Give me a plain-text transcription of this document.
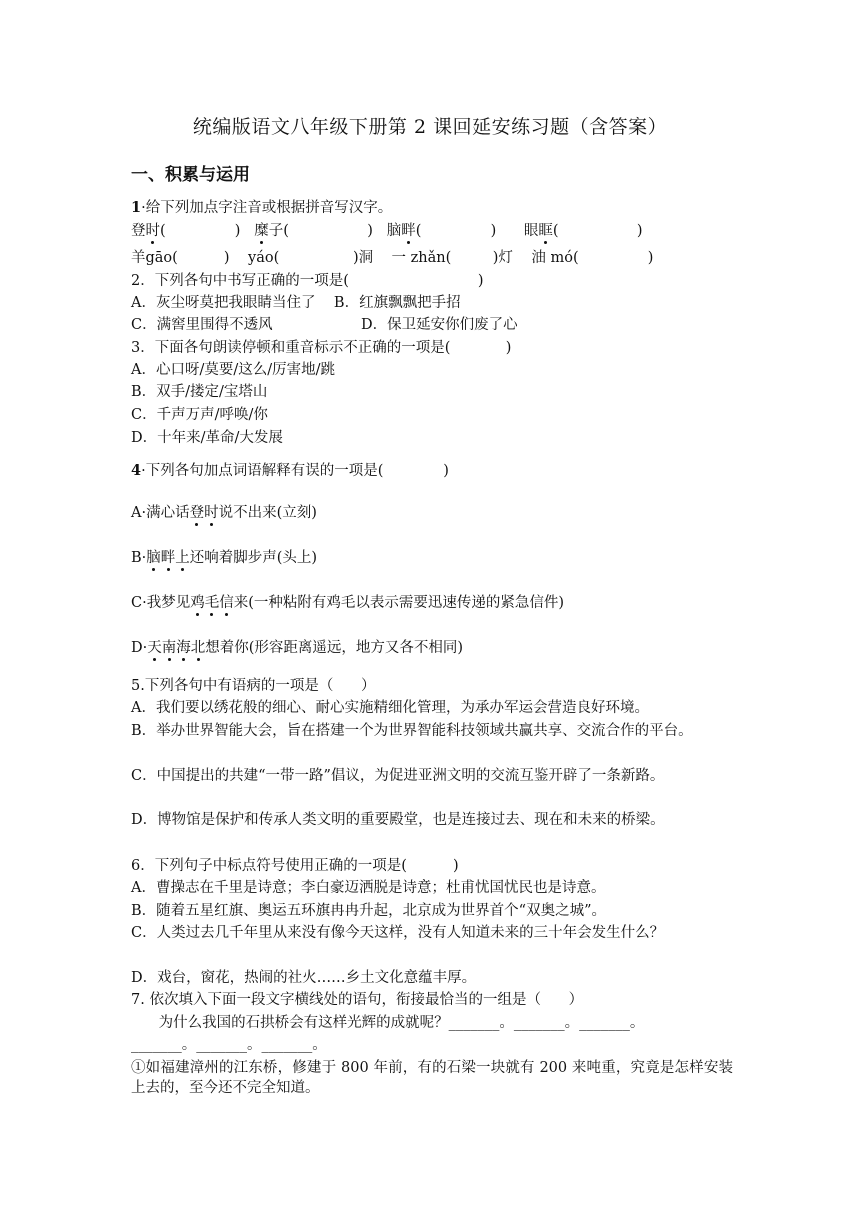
统编版语文八年级下册第 2 课回延安练习题（含答案）
一、积累与运用
1·给下列加点字注音或根据拼音写汉字。
登时(               ) 糜子(                 ) 脑畔(               ) 眼眶(                 )
羊gāo(          )    yáo(                )洞    一 zhǎn(         )灯    油 mó(               )
2．下列各句中书写正确的一项是(                            )
A．灰尘呀莫把我眼睛当住了 B．红旗飘飘把手招
C．满窖里围得不透风	D．保卫延安你们废了心
3．下面各句朗读停顿和重音标示不正确的一项是(            )
A．心口呀/莫要/这么/厉害地/跳
B．双手/搂定/宝塔山
C．千声万声/呼唤/你
D．十年来/革命/大发展
4·下列各句加点词语解释有误的一项是(             )
A·满心话登时说不出来(立刻)
B·脑畔上还响着脚步声(头上)
C·我梦见鸡毛信来(一种粘附有鸡毛以表示需要迅速传递的紧急信件)
D·天南海北想着你(形容距离遥远，地方又各不相同)
5.下列各句中有语病的一项是（      ）
A．我们要以绣花般的细心、耐心实施精细化管理，为承办军运会营造良好环境。
B．举办世界智能大会，旨在搭建一个为世界智能科技领域共赢共享、交流合作的平台。
C．中国提出的共建“一带一路”倡议，为促进亚洲文明的交流互鉴开辟了一条新路。
D．博物馆是保护和传承人类文明的重要殿堂，也是连接过去、现在和未来的桥梁。
6．下列句子中标点符号使用正确的一项是(          )
A．曹操志在千里是诗意；李白豪迈洒脱是诗意；杜甫忧国忧民也是诗意。
B．随着五星红旗、奥运五环旗冉冉升起，北京成为世界首个“双奥之城”。
C．人类过去几千年里从来没有像今天这样，没有人知道未来的三十年会发生什么？
D．戏台，窗花，热闹的社火……乡土文化意蕴丰厚。
7. 依次填入下面一段文字横线处的语句，衔接最恰当的一组是（      ）
为什么我国的石拱桥会有这样光辉的成就呢？_______。_______。_______。
_______。_______。_______。
①如福建漳州的江东桥，修建于 800 年前，有的石梁一块就有 200 来吨重，究竟是怎样安装上去的，至今还不完全知道。
